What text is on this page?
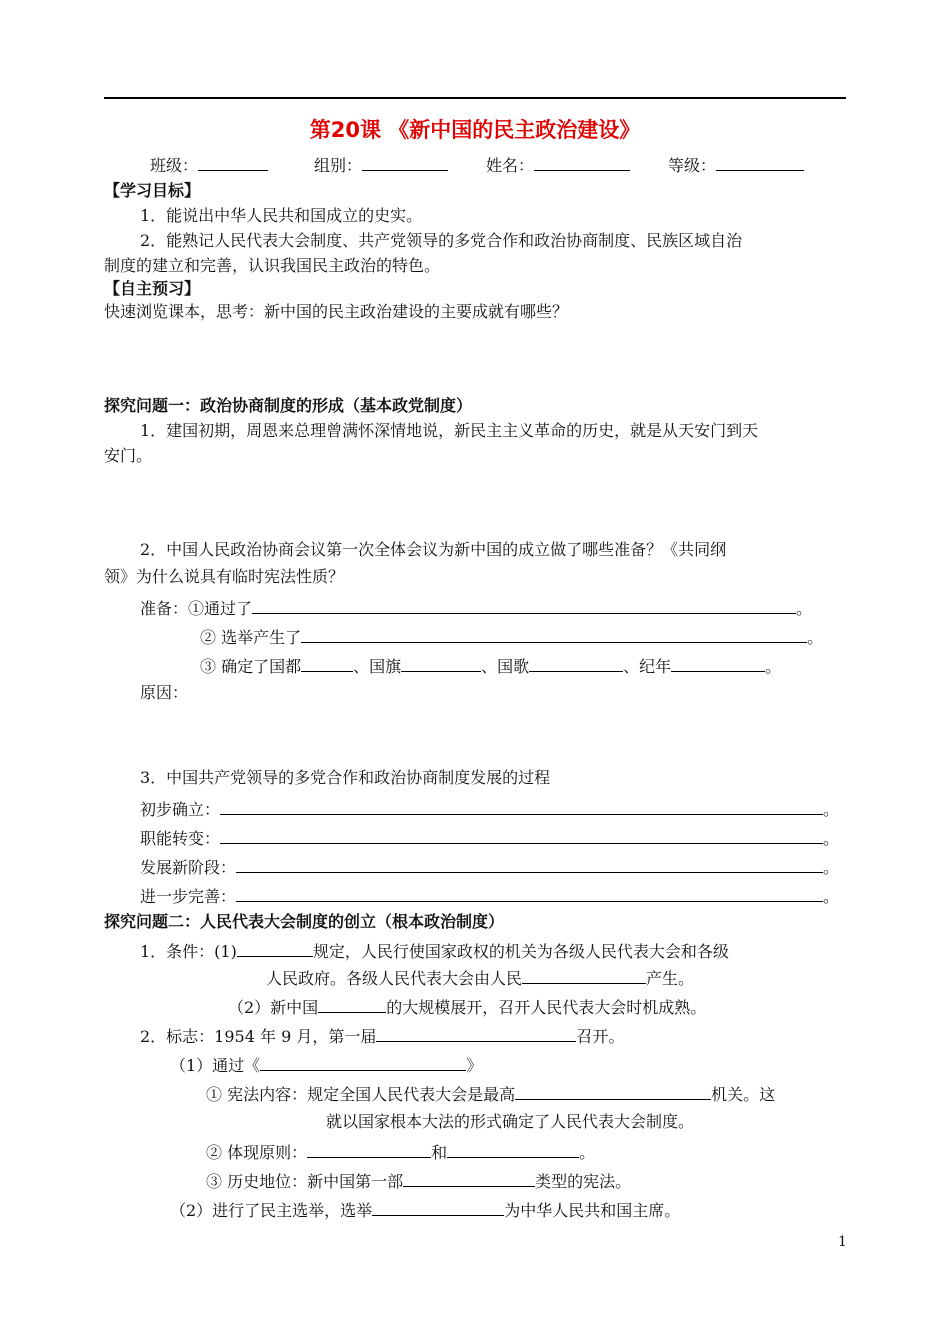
第20课 《新中国的民主政治建设》
班级：	组别：	姓名：	等级：
【学习目标】
1．能说出中华人民共和国成立的史实。
2．能熟记人民代表大会制度、共产党领导的多党合作和政治协商制度、民族区域自治
制度的建立和完善，认识我国民主政治的特色。
【自主预习】
快速浏览课本，思考：新中国的民主政治建设的主要成就有哪些？
探究问题一：政治协商制度的形成（基本政党制度）
1．建国初期，周恩来总理曾满怀深情地说，新民主主义革命的历史，就是从天安门到天
安门。
2．中国人民政治协商会议第一次全体会议为新中国的成立做了哪些准备？《共同纲
领》为什么说具有临时宪法性质？
准备：①通过了	。
② 选举产生了	。
③ 确定了国都	、国旗	、国歌	、纪年	。
原因：
3．中国共产党领导的多党合作和政治协商制度发展的过程
初步确立：	。
职能转变：	。
发展新阶段：	。
进一步完善：	。
探究问题二：人民代表大会制度的创立（根本政治制度）
1．条件：(1)	规定，人民行使国家政权的机关为各级人民代表大会和各级
人民政府。各级人民代表大会由人民	产生。
（2）新中国	的大规模展开，召开人民代表大会时机成熟。
2．标志：1954 年 9 月，第一届	召开。
（1）通过《	》
① 宪法内容：规定全国人民代表大会是最高	机关。这
就以国家根本大法的形式确定了人民代表大会制度。
② 体现原则：	和	。
③ 历史地位：新中国第一部	类型的宪法。
（2）进行了民主选举，选举	为中华人民共和国主席。
1
